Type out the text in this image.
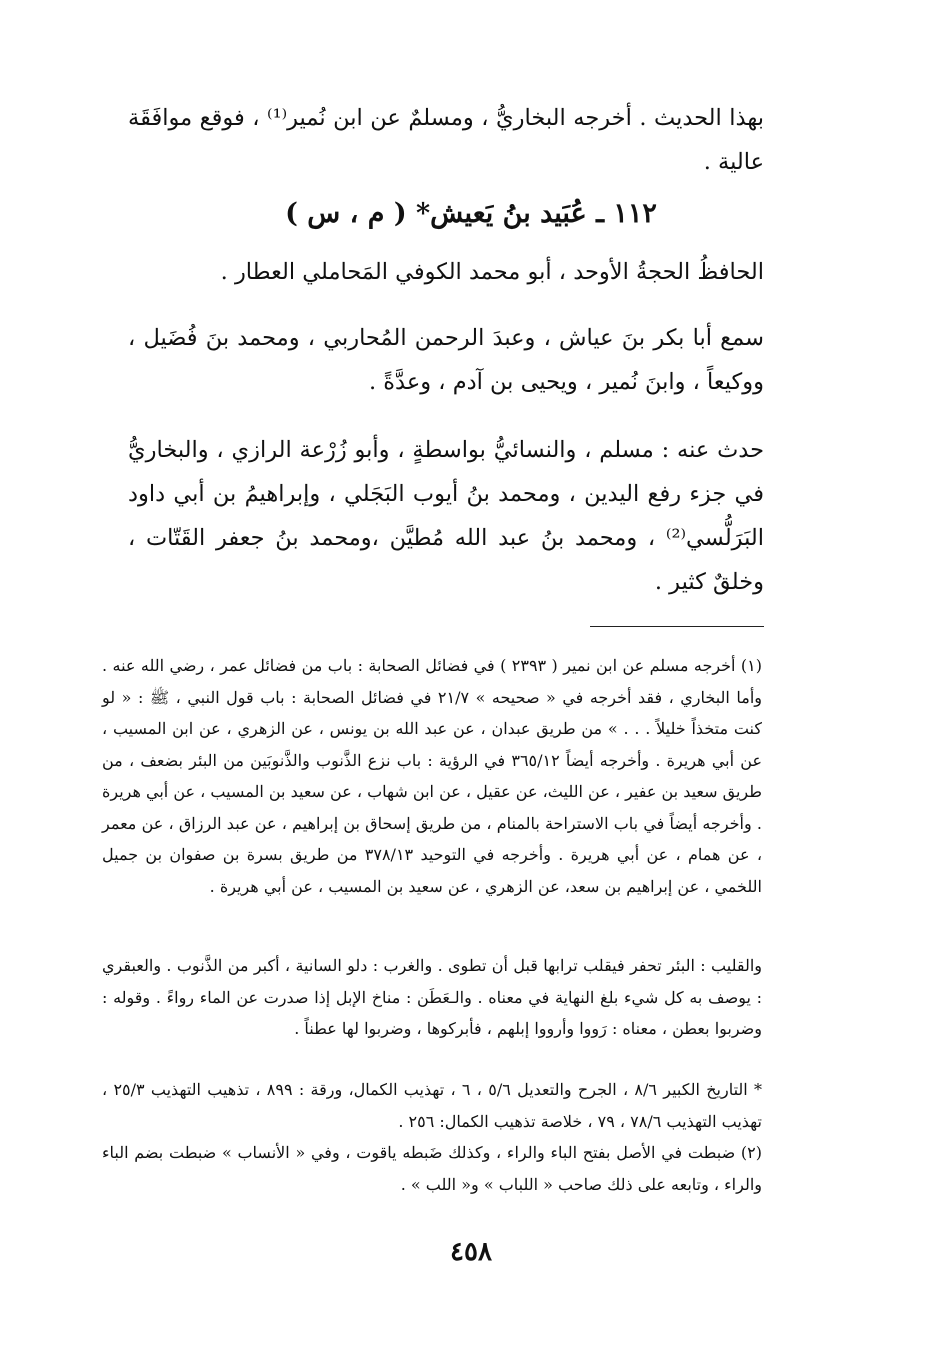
بهذا الحديث . أخرجه البخاريُّ ، ومسلمٌ عن ابن نُمير⁽¹⁾ ، فوقع موافَقَة عالية .

١١٢ ـ عُبَيد بنُ يَعيش* ( م ، س )

الحافظُ الحجةُ الأوحد ، أبو محمد الكوفي المَحاملي العطار .

سمع أبا بكر بنَ عياش ، وعبدَ الرحمن المُحاربي ، ومحمد بنَ فُضَيل ، ووكيعاً ، وابنَ نُمير ، ويحيى بن آدم ، وعدَّةً .

حدث عنه : مسلم ، والنسائيُّ بواسطةٍ ، وأبو زُرْعة الرازي ، والبخاريُّ في جزء رفع اليدين ، ومحمد بنُ أيوب البَجَلي ، وإبراهيمُ بن أبي داود البَرَلُّسي⁽²⁾ ، ومحمد بنُ عبد الله مُطيَّن ،ومحمد بنُ جعفر القَتّات ، وخلقٌ كثير .

(١) أخرجه مسلم عن ابن نمير ( ٢٣٩٣ ) في فضائل الصحابة : باب من فضائل عمر ، رضي الله عنه . وأما البخاري ، فقد أخرجه في « صحيحه » ٢١/٧ في فضائل الصحابة : باب قول النبي ، ﷺ : « لو كنت متخذاً خليلاً . . . » من طريق عبدان ، عن عبد الله بن يونس ، عن الزهري ، عن ابن المسيب ، عن أبي هريرة . وأخرجه أيضاً ٣٦٥/١٢ في الرؤية : باب نزع الذَّنوب والذَّنوبَين من البئر بضعف ، من طريق سعيد بن عفير ، عن الليث، عن عقيل ، عن ابن شهاب ، عن سعيد بن المسيب ، عن أبي هريرة . وأخرجه أيضاً في باب الاستراحة بالمنام ، من طريق إسحاق بن إبراهيم ، عن عبد الرزاق ، عن معمر ، عن همام ، عن أبي هريرة . وأخرجه في التوحيد ٣٧٨/١٣ من طريق بسرة بن صفوان بن جميل اللخمي ، عن إبراهيم بن سعد، عن الزهري ، عن سعيد بن المسيب ، عن أبي هريرة .

والقليب : البئر تحفر فيقلب ترابها قبل أن تطوى . والغرب : دلو السانية ، أكبر من الذَّنوب . والعبقري : يوصف به كل شيء بلغ النهاية في معناه . والـعَطَن : مناخ الإبل إذا صدرت عن الماء رواءً . وقوله : وضربوا بعطن ، معناه : رَووا وأرووا إبلهم ، فأبركوها ، وضربوا لها عطناً .

* التاريخ الكبير ٨/٦ ، الجرح والتعديل ٥/٦ ، ٦ ، تهذيب الكمال، ورقة : ٨٩٩ ، تذهيب التهذيب ٢٥/٣ ، تهذيب التهذيب ٧٨/٦ ، ٧٩ ، خلاصة تذهيب الكمال: ٢٥٦ .

(٢) ضبطت في الأصل بفتح الباء والراء ، وكذلك ضَبطه ياقوت ، وفي « الأنساب » ضبطت بضم الباء والراء ، وتابعه على ذلك صاحب « اللباب » و« اللب » .

٤٥٨
